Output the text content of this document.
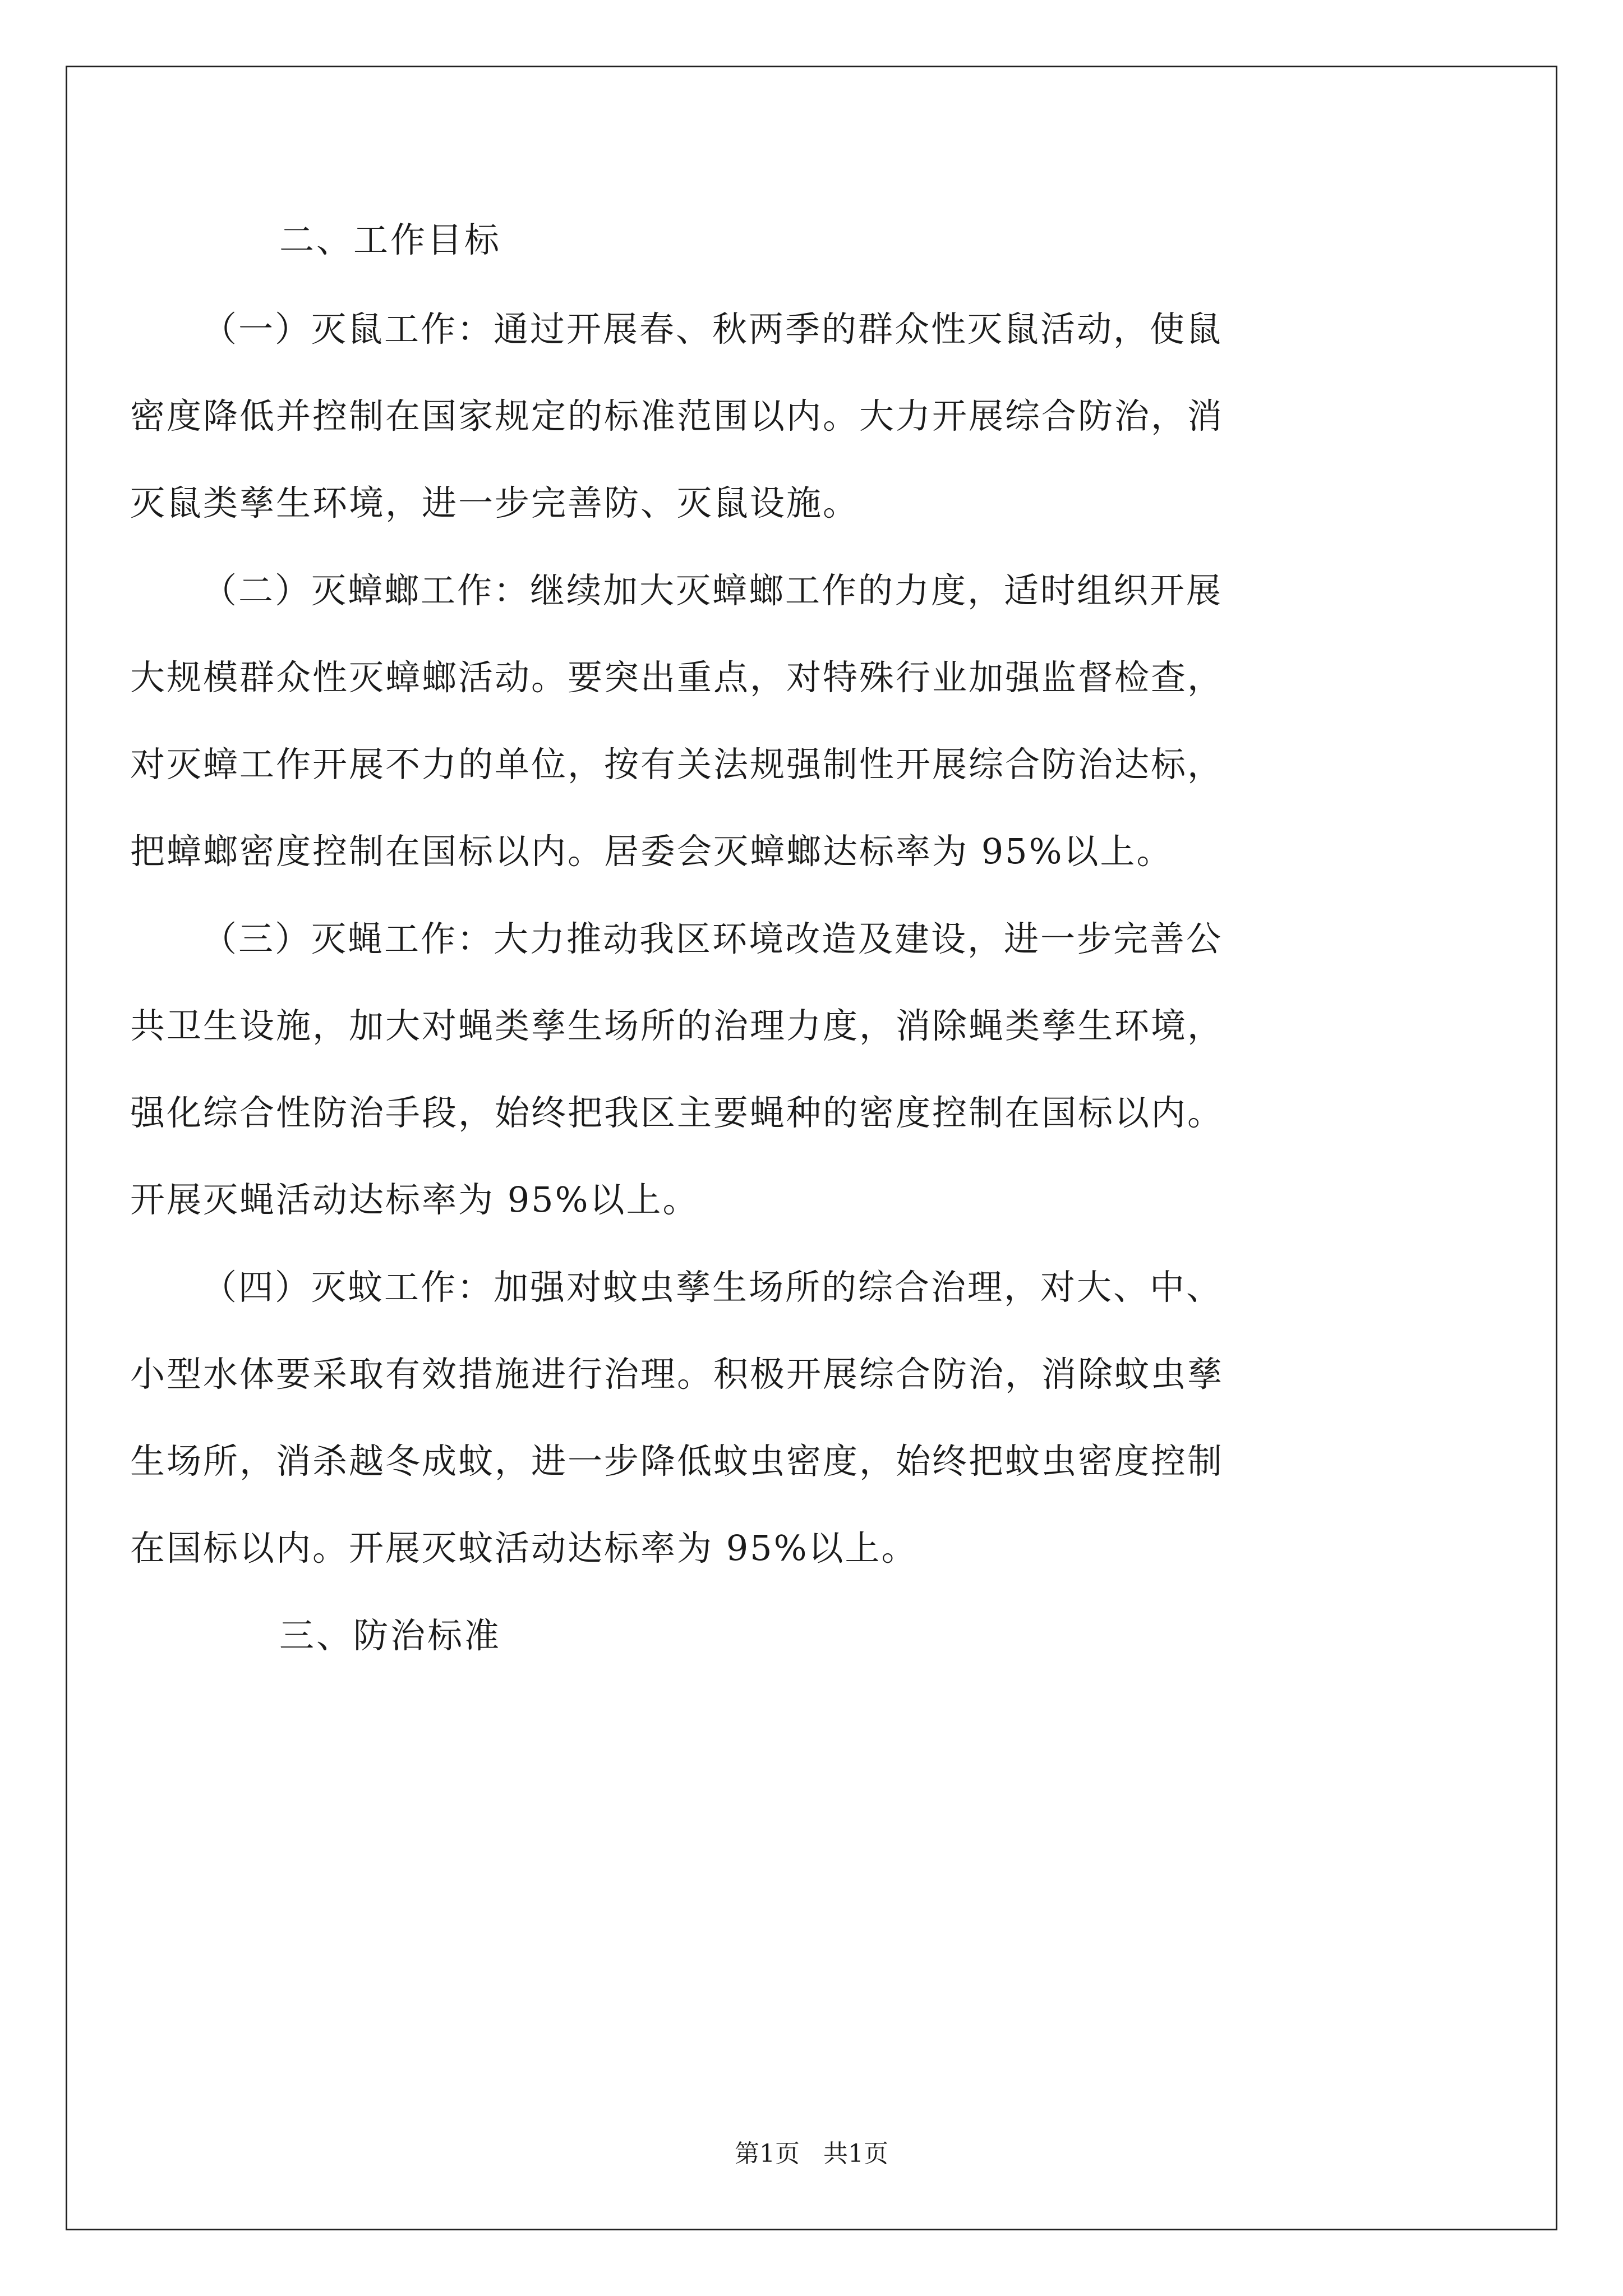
二、工作目标
（一）灭鼠工作：通过开展春、秋两季的群众性灭鼠活动，使鼠
密度降低并控制在国家规定的标准范围以内。大力开展综合防治，消
灭鼠类孳生环境，进一步完善防、灭鼠设施。
（二）灭蟑螂工作：继续加大灭蟑螂工作的力度，适时组织开展
大规模群众性灭蟑螂活动。要突出重点，对特殊行业加强监督检查，
对灭蟑工作开展不力的单位，按有关法规强制性开展综合防治达标，
把蟑螂密度控制在国标以内。居委会灭蟑螂达标率为 95%以上。
（三）灭蝇工作：大力推动我区环境改造及建设，进一步完善公
共卫生设施，加大对蝇类孳生场所的治理力度，消除蝇类孳生环境，
强化综合性防治手段，始终把我区主要蝇种的密度控制在国标以内。
开展灭蝇活动达标率为 95%以上。
（四）灭蚊工作：加强对蚊虫孳生场所的综合治理，对大、中、
小型水体要采取有效措施进行治理。积极开展综合防治，消除蚊虫孳
生场所，消杀越冬成蚊，进一步降低蚊虫密度，始终把蚊虫密度控制
在国标以内。开展灭蚊活动达标率为 95%以上。
三、防治标准
第1页   共1页
